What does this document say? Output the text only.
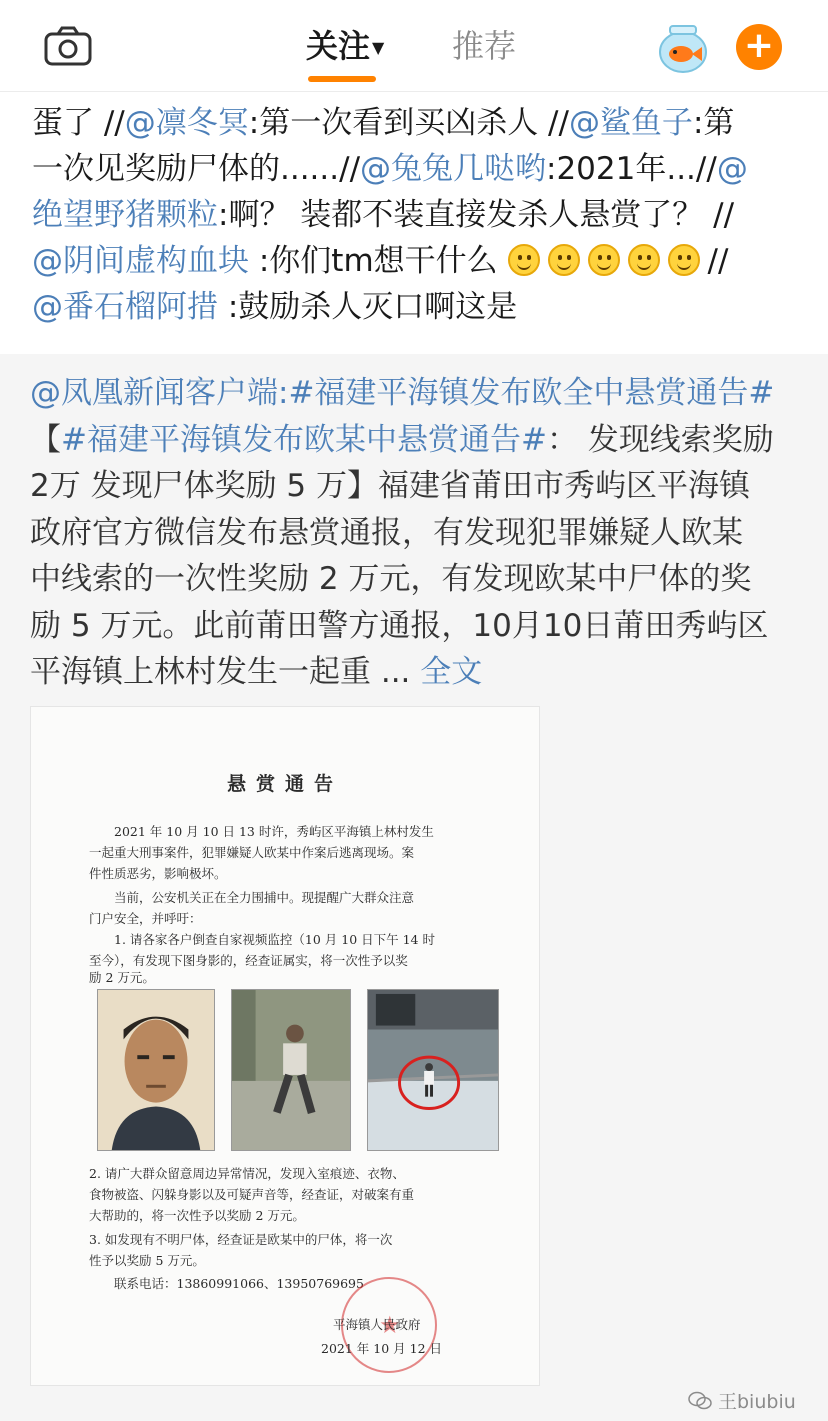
关注 ▼ 推荐	+
蛋了 //@凛冬冥:第一次看到买凶杀人 //@鲨鱼子:第
一次见奖励尸体的......//@兔兔几哒哟:2021年...//@
绝望野猪颗粒:啊？ 装都不装直接发杀人悬赏了？ //
@阴间虚构血块 :你们tm想干什么	//
@番石榴阿措 :鼓励杀人灭口啊这是
@凤凰新闻客户端:#福建平海镇发布欧全中悬赏通告#
【#福建平海镇发布欧某中悬赏通告#： 发现线索奖励
2万 发现尸体奖励 5 万】福建省莆田市秀屿区平海镇
政府官方微信发布悬赏通报，有发现犯罪嫌疑人欧某
中线索的一次性奖励 2 万元，有发现欧某中尸体的奖
励 5 万元。此前莆田警方通报，10月10日莆田秀屿区
平海镇上林村发生一起重 ... 全文
悬赏通告
2021 年 10 月 10 日 13 时许，秀屿区平海镇上林村发生
一起重大刑事案件，犯罪嫌疑人欧某中作案后逃离现场。案
件性质恶劣，影响极坏。
当前，公安机关正在全力围捕中。现提醒广大群众注意
门户安全，并呼吁：
1. 请各家各户倒查自家视频监控（10 月 10 日下午 14 时
至今），有发现下图身影的，经查证属实，将一次性予以奖
励 2 万元。
2. 请广大群众留意周边异常情况，发现入室痕迹、衣物、
食物被盗、闪躲身影以及可疑声音等，经查证，对破案有重
大帮助的，将一次性予以奖励 2 万元。
3. 如发现有不明尸体，经查证是欧某中的尸体，将一次
性予以奖励 5 万元。
联系电话：13860991066、13950769695
★
平海镇人民政府
2021 年 10 月 12 日
王biubiu
